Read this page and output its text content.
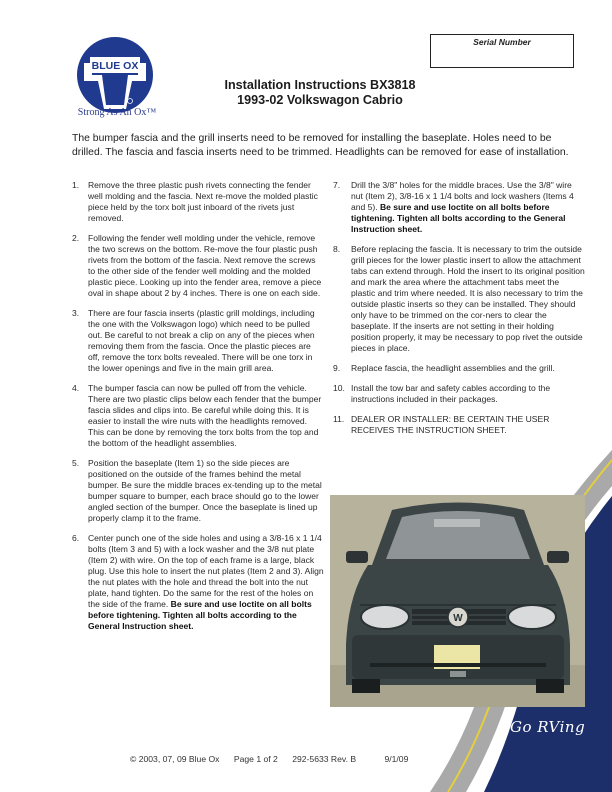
BLUE OX
Strong As An Ox™
Serial Number
Installation Instructions BX3818
1993-02 Volkswagon Cabrio
The bumper fascia and the grill inserts need to be removed for installing the baseplate. Holes need to be drilled. The fascia and fascia inserts need to be trimmed. Headlights can be removed for ease of installation.
1.	Remove the three plastic push rivets connecting the fender well molding and the fascia. Next re-move the molded plastic piece held by the torx bolt just inboard of the rivets just removed.
2.	Following the fender well molding under the vehicle, remove the two screws on the bottom. Re-move the four plastic push rivets from the bottom of the fascia. Next remove the screws to the other side of the fender well molding and the molded plastic piece. Looking up into the fender area, remove a piece oval in shape about 2 by 4 inches. There is one on each side.
3.	There are four fascia inserts (plastic grill moldings, including the one with the Volkswagon logo) which need to be pulled out. Be careful to not break a clip on any of the pieces when removing them from the fascia. Once the plastic pieces are off, remove the torx bolts revealed. There will be one torx in the lower openings and five in the main grill area.
4.	The bumper fascia can now be pulled off from the vehicle. There are two plastic clips below each fender that the bumper fascia slides and clips into. Be careful while doing this. It is easier to install the wire nuts with the headlights removed. This can be done by removing the torx bolts from the top and the bottom of the headlight assemblies.
5.	Position the baseplate (Item 1) so the side pieces are positioned on the outside of the frames behind the metal bumper. Be sure the middle braces ex-tending up to the metal bumper square to bumper, each brace should go to the lower angled section of the bumper. Once the baseplate is lined up properly clamp it to the frame.
6.	Center punch one of the side holes and using a 3/8-16 x 1 1/4 bolts (Item 3 and 5) with a lock washer and the 3/8 nut plate (Item 2) with wire. On the top of each frame is a large, black plug. Use this hole to insert the nut plates (Item 2 and 3). Align the nut plates with the hole and thread the bolt into the nut plate, hand tighten. Do the same for the rest of the holes on the side of the frame. Be sure and use loctite on all bolts before tightening. Tighten all bolts according to the General Instruction sheet.
7.	Drill the 3/8" holes for the middle braces. Use the 3/8" wire nut (Item 2), 3/8-16 x 1 1/4 bolts and lock washers (Items 4 and 5). Be sure and use loctite on all bolts before tightening. Tighten all bolts according to the General Instruction sheet.
8.	Before replacing the fascia. It is necessary to trim the outside grill pieces for the lower plastic insert to allow the attachment tabs can extend through. Hold the insert to its original position and mark the area where the attachment tabs meet the plastic and trim where needed. It is also necessary to trim the outside plastic inserts so they can be installed. They should only have to be trimmed on the cor-ners to clear the baseplate. If the inserts are not setting in their holding position properly, it may be necessary to pop rivet the outside pieces in place.
9.	Replace fascia, the headlight assemblies and the grill.
10. Install the tow bar and safety cables according to the instructions included in their packages.
11. DEALER OR INSTALLER: BE CERTAIN THE USER RECEIVES THE INSTRUCTION SHEET.
Go RVing
W
© 2003, 07, 09 Blue Ox Page 1 of 2 292-5633 Rev. B	9/1/09
